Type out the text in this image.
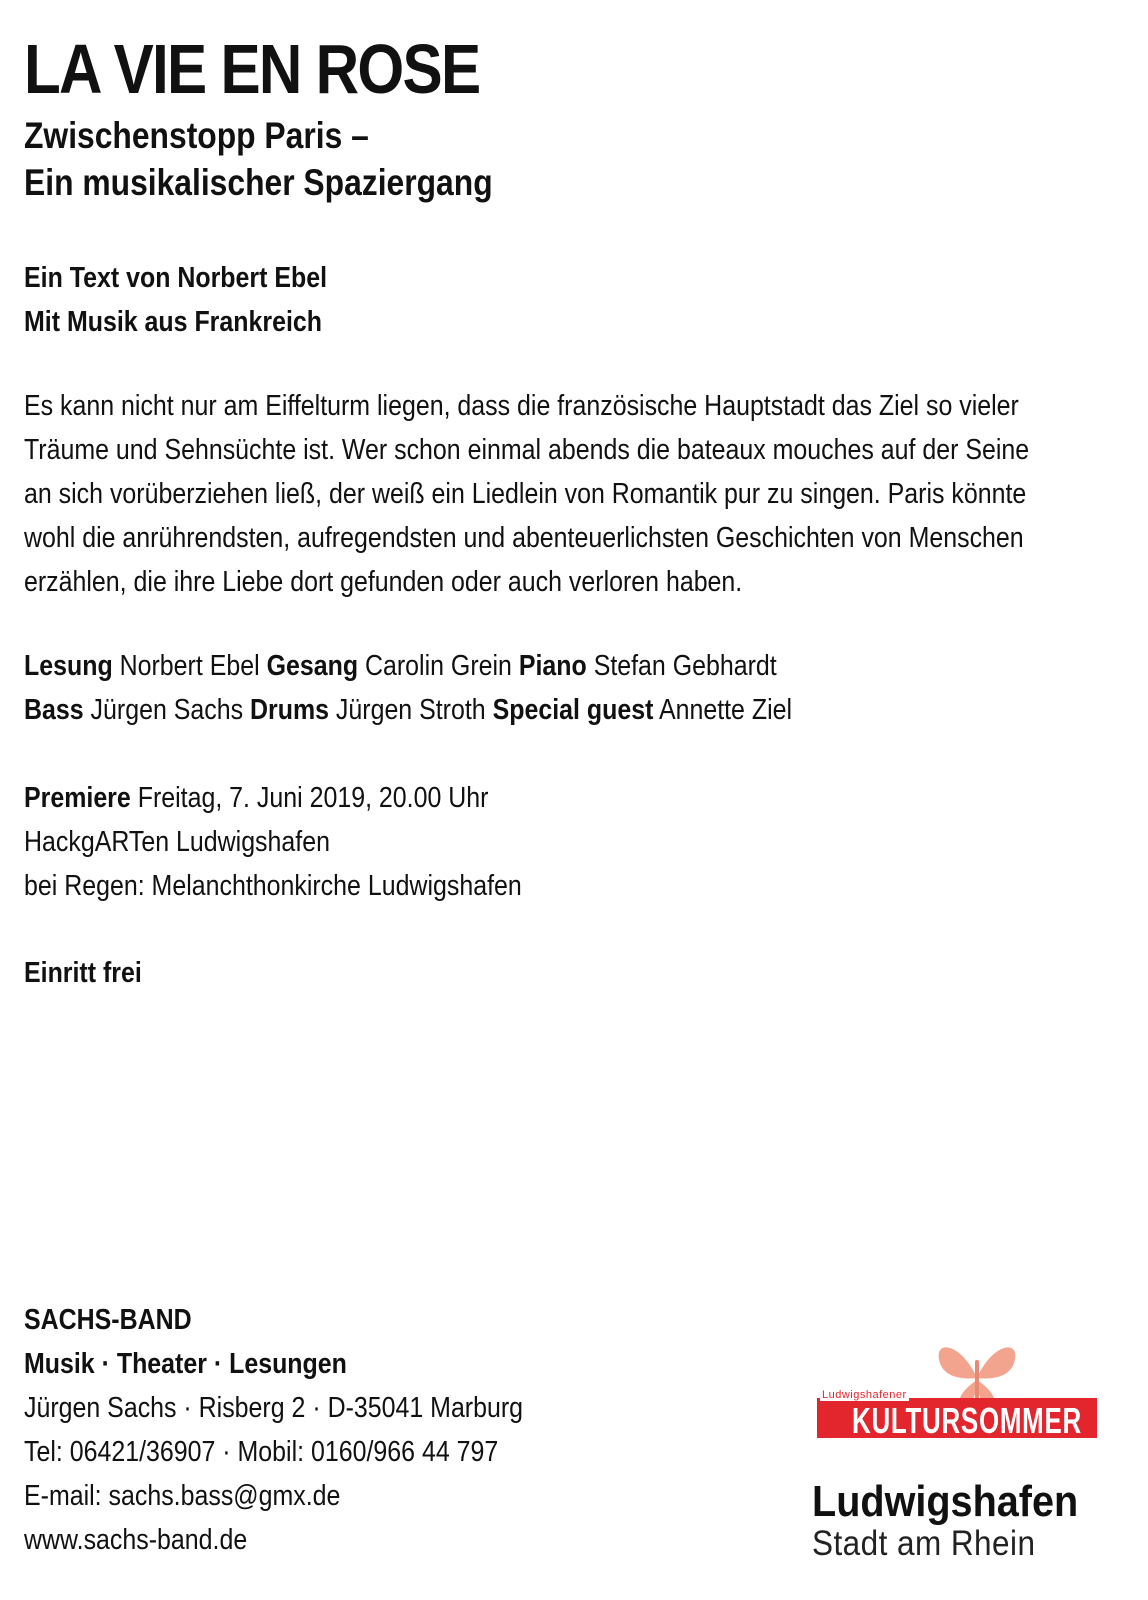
LA VIE EN ROSE
Zwischenstopp Paris –
Ein musikalischer Spaziergang
Ein Text von Norbert Ebel
Mit Musik aus Frankreich
Es kann nicht nur am Eiffelturm liegen, dass die französische Hauptstadt das Ziel so vieler
Träume und Sehnsüchte ist. Wer schon einmal abends die bateaux mouches auf der Seine
an sich vorüberziehen ließ, der weiß ein Liedlein von Romantik pur zu singen. Paris könnte
wohl die anrührendsten, aufregendsten und abenteuerlichsten Geschichten von Menschen
erzählen, die ihre Liebe dort gefunden oder auch verloren haben.
Lesung Norbert Ebel Gesang Carolin Grein Piano Stefan Gebhardt
Bass Jürgen Sachs Drums Jürgen Stroth Special guest Annette Ziel
Premiere Freitag, 7. Juni 2019, 20.00 Uhr
HackgARTen Ludwigshafen
bei Regen: Melanchthonkirche Ludwigshafen
Einritt frei
SACHS-BAND
Musik · Theater · Lesungen
Jürgen Sachs · Risberg 2 · D-35041 Marburg
Tel: 06421/36907 · Mobil: 0160/966 44 797
E-mail: sachs.bass@gmx.de
www.sachs-band.de
Ludwigshafener
KULTURSOMMER
Ludwigshafen
Stadt am Rhein
